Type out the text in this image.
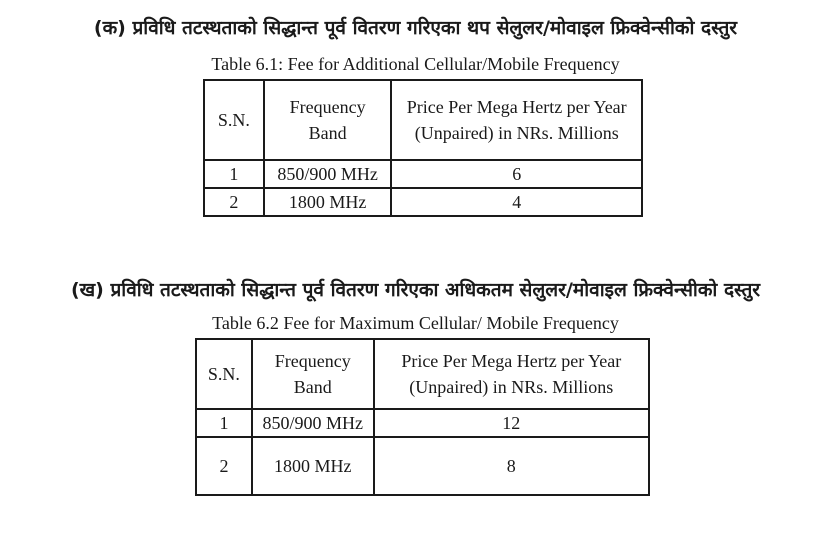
(क) प्रविधि तटस्थताको सिद्धान्त पूर्व वितरण गरिएका थप सेलुलर/मोवाइल फ्रिक्वेन्सीको दस्तुर
Table 6.1: Fee for Additional Cellular/Mobile Frequency
S.N.	Frequency Band	Price Per Mega Hertz per Year (Unpaired) in NRs. Millions
1	850/900 MHz	6
2	1800 MHz	4
(ख) प्रविधि तटस्थताको सिद्धान्त पूर्व वितरण गरिएका अधिकतम सेलुलर/मोवाइल फ्रिक्वेन्सीको दस्तुर
Table 6.2 Fee for Maximum Cellular/ Mobile Frequency
S.N.	Frequency Band	Price Per Mega Hertz per Year (Unpaired) in NRs. Millions
1	850/900 MHz	12
2	1800 MHz	8
